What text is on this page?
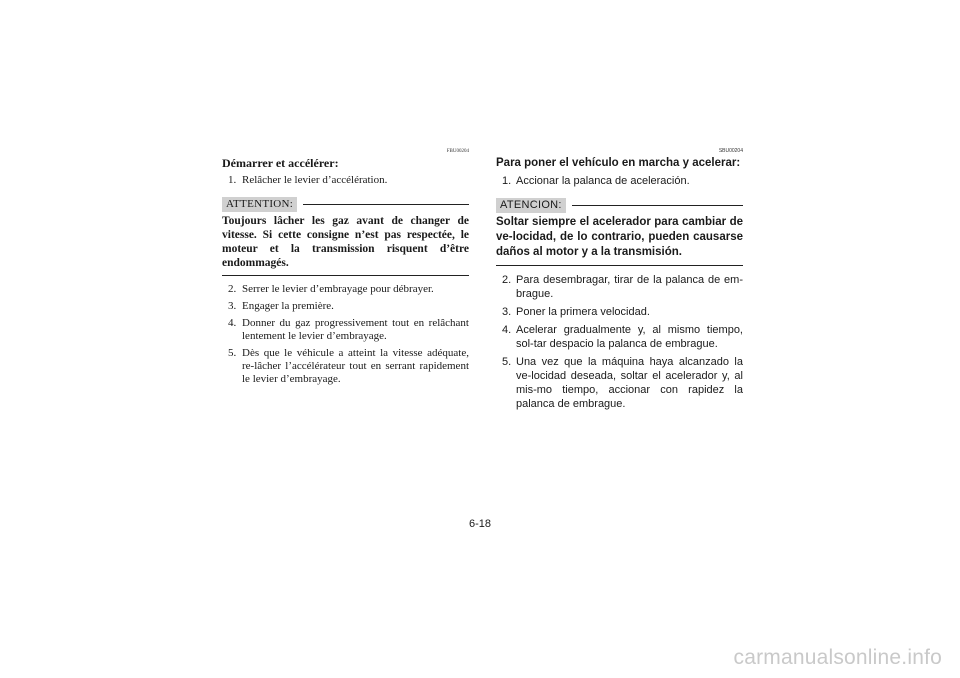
FBU00204
Démarrer et accélérer:
1. Relâcher le levier d’accélération.
ATTENTION:
Toujours lâcher les gaz avant de changer de vitesse. Si cette consigne n’est pas respectée, le moteur et la transmission risquent d’être endommagés.
2. Serrer le levier d’embrayage pour débrayer.
3. Engager la première.
4. Donner du gaz progressivement tout en relâchant lentement le levier d’embrayage.
5. Dès que le véhicule a atteint la vitesse adéquate, re-lâcher l’accélérateur tout en serrant rapidement le levier d’embrayage.
SBU00204
Para poner el vehículo en marcha y acelerar:
1. Accionar la palanca de aceleración.
ATENCION:
Soltar siempre el acelerador para cambiar de ve-locidad, de lo contrario, pueden causarse daños al motor y a la transmisión.
2. Para desembragar, tirar de la palanca de em-brague.
3. Poner la primera velocidad.
4. Acelerar gradualmente y, al mismo tiempo, sol-tar despacio la palanca de embrague.
5. Una vez que la máquina haya alcanzado la ve-locidad deseada, soltar el acelerador y, al mis-mo tiempo, accionar con rapidez la palanca de embrague.
6-18
carmanualsonline.info
